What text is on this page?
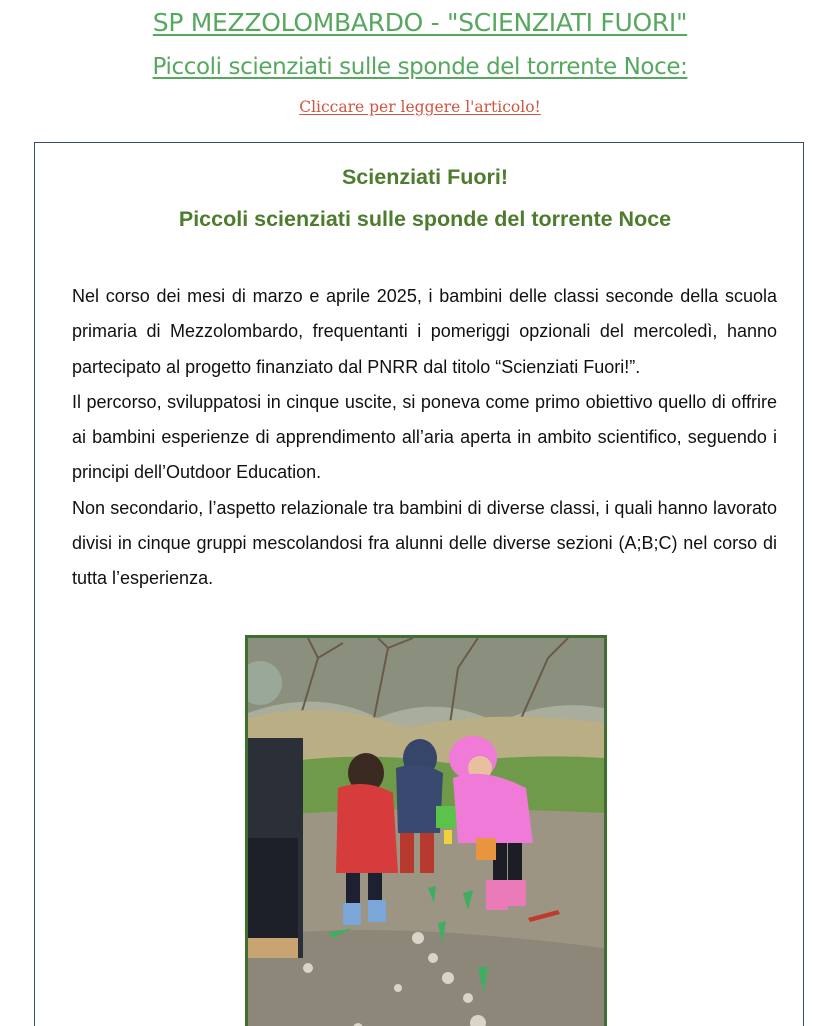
SP MEZZOLOMBARDO - "SCIENZIATI FUORI"
Piccoli scienziati sulle sponde del torrente Noce:
Cliccare per leggere l'articolo!
Scienziati Fuori!
Piccoli scienziati sulle sponde del torrente Noce

Nel corso dei mesi di marzo e aprile 2025, i bambini delle classi seconde della scuola primaria di Mezzolombardo, frequentanti i pomeriggi opzionali del mercoledì, hanno partecipato al progetto finanziato dal PNRR dal titolo “Scienziati Fuori!”.

Il percorso, sviluppatosi in cinque uscite, si poneva come primo obiettivo quello di offrire ai bambini esperienze di apprendimento all’aria aperta in ambito scientifico, seguendo i principi dell’Outdoor Education.

Non secondario, l’aspetto relazionale tra bambini di diverse classi, i quali hanno lavorato divisi in cinque gruppi mescolandosi fra alunni delle diverse sezioni (A;B;C) nel corso di tutta l’esperienza.
